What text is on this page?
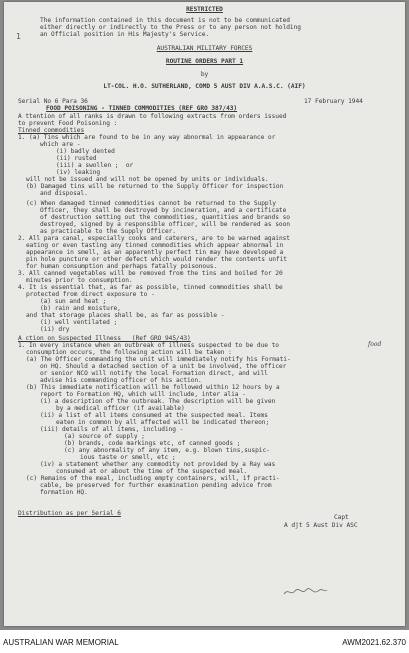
1
RESTRICTED
The information contained in this document is not to be communicated
either directly or indirectly to the Press or to any person not holding
an Official position in His Majesty's Service.
AUSTRALIAN MILITARY FORCES
ROUTINE ORDERS PART 1
by
LT-COL. H.O. SUTHERLAND, COMD 5 AUST DIV A.A.S.C. (AIF)
Serial No 6 Para 36	17 February 1944
FOOD POISONING - TINNED COMMODITIES (REF GRO 387/43)
A ttention of all ranks is drawn to following extracts from orders issued
to prevent Food Poisoning :
Tinned commodities
1. (a) Tins which are found to be in any way abnormal in appearance or
which are -
(i) badly dented
(ii) rusted
(iii) a swollen ;  or
(iv) leaking
will not be issued and will not be opened by units or individuals.
(b) Damaged tins will be returned to the Supply Officer for inspection
and disposal.
(c) When damaged tinned commodities cannot be returned to the Supply
Officer, they shall be destroyed by incineration, and a certificate
of destruction setting out the commodities, quantities and brands so
destroyed, signed by a responsible officer, will be rendered as soon
as practicable to the Supply Officer.
2. All para canal, especially cooks and caterers, are to be warned against
eating or even tasting any tinned commodities which appear abnormal in
appearance in smell, as an apparently perfect tin may have developed a
pin hole puncture or other defect which would render the contents unfit
for human consumption and perhaps fatally poisonous.
3. All canned vegetables will be removed from the tins and boiled for 20
minutes prior to consumption.
4. It is essential that, as far as possible, tinned commodities shall be
protected from direct exposure to -
(a) sun and heat ;
(b) rain and moisture,
and that storage places shall be, as far as possible -
(i) well ventilated ;
(ii) dry
A ction on Suspected Illness   (Ref GRO 945/43)
1. In every instance when an outbreak of illness suspected to be due to	food
consumption occurs, the following action will be taken :
(a) The Officer commanding the unit will immediately notify his Formati-
on HQ. Should a detached section of a unit be involved, the officer
or senior NCO will notify the local Formation direct, and will
advise his commanding officer of his action.
(b) This immediate notification will be followed within 12 hours by a
report to Formation HQ, which will include, inter alia -
(i) a description of the outbreak. The description will be given
by a medical officer (if available)
(ii) a list of all items consumed at the suspected meal. Items
eaten in common by all affected will be indicated thereon;
(iii) details of all items, including -
(a) source of supply ;
(b) brands, code markings etc, of canned goods ;
(c) any abnormality of any item, e.g. blown tins,suspic-
ious taste or smell, etc ;
(iv) a statement whether any commodity not provided by a Ray was
consumed at or about the time of the suspected meal.
(c) Remains of the meal, including empty containers, will, if practi-
cable, be preserved for further examination pending advice from
formation HQ.
Distribution as per Serial 6
Capt
A djt 5 Aust Div ASC
AUSTRALIAN WAR MEMORIAL	AWM2021.62.370
